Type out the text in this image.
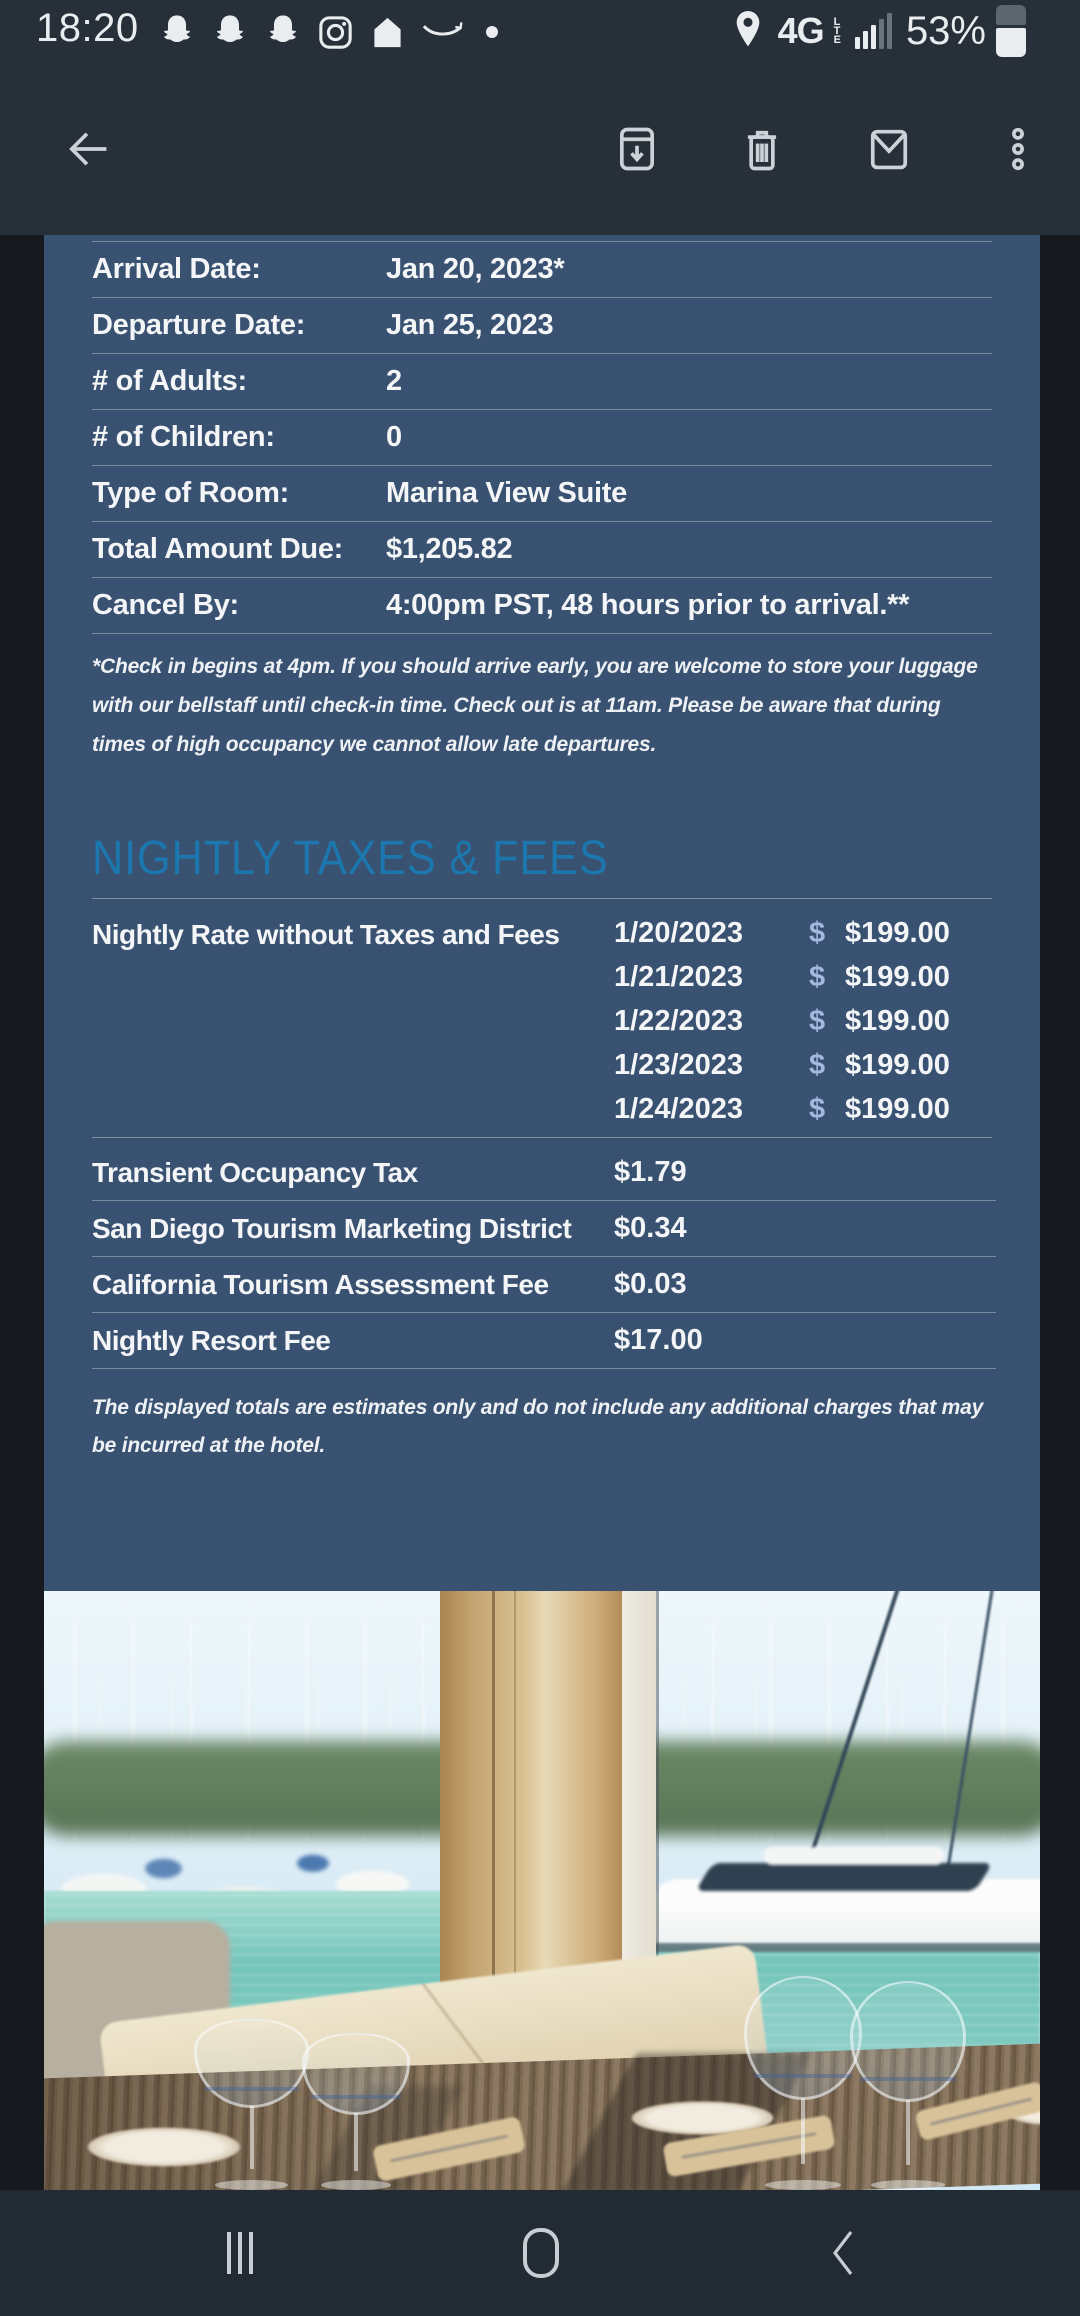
18:20	4G L
T
E 53%
Arrival Date:	Jan 20, 2023*
Departure Date:	Jan 25, 2023
# of Adults:	2
# of Children:	0
Type of Room:	Marina View Suite
Total Amount Due:	$1,205.82
Cancel By:	4:00pm PST, 48 hours prior to arrival.**
*Check in begins at 4pm. If you should arrive early, you are welcome to store your luggage with our bellstaff until check-in time. Check out is at 11am. Please be aware that during times of high occupancy we cannot allow late departures.
NIGHTLY TAXES & FEES
Nightly Rate without Taxes and Fees	1/20/2023	$ $199.00
1/21/2023	$ $199.00
1/22/2023	$ $199.00
1/23/2023	$ $199.00
1/24/2023	$ $199.00
Transient Occupancy Tax	$1.79
San Diego Tourism Marketing District	$0.34
California Tourism Assessment Fee	$0.03
Nightly Resort Fee	$17.00
The displayed totals are estimates only and do not include any additional charges that may be incurred at the hotel.
